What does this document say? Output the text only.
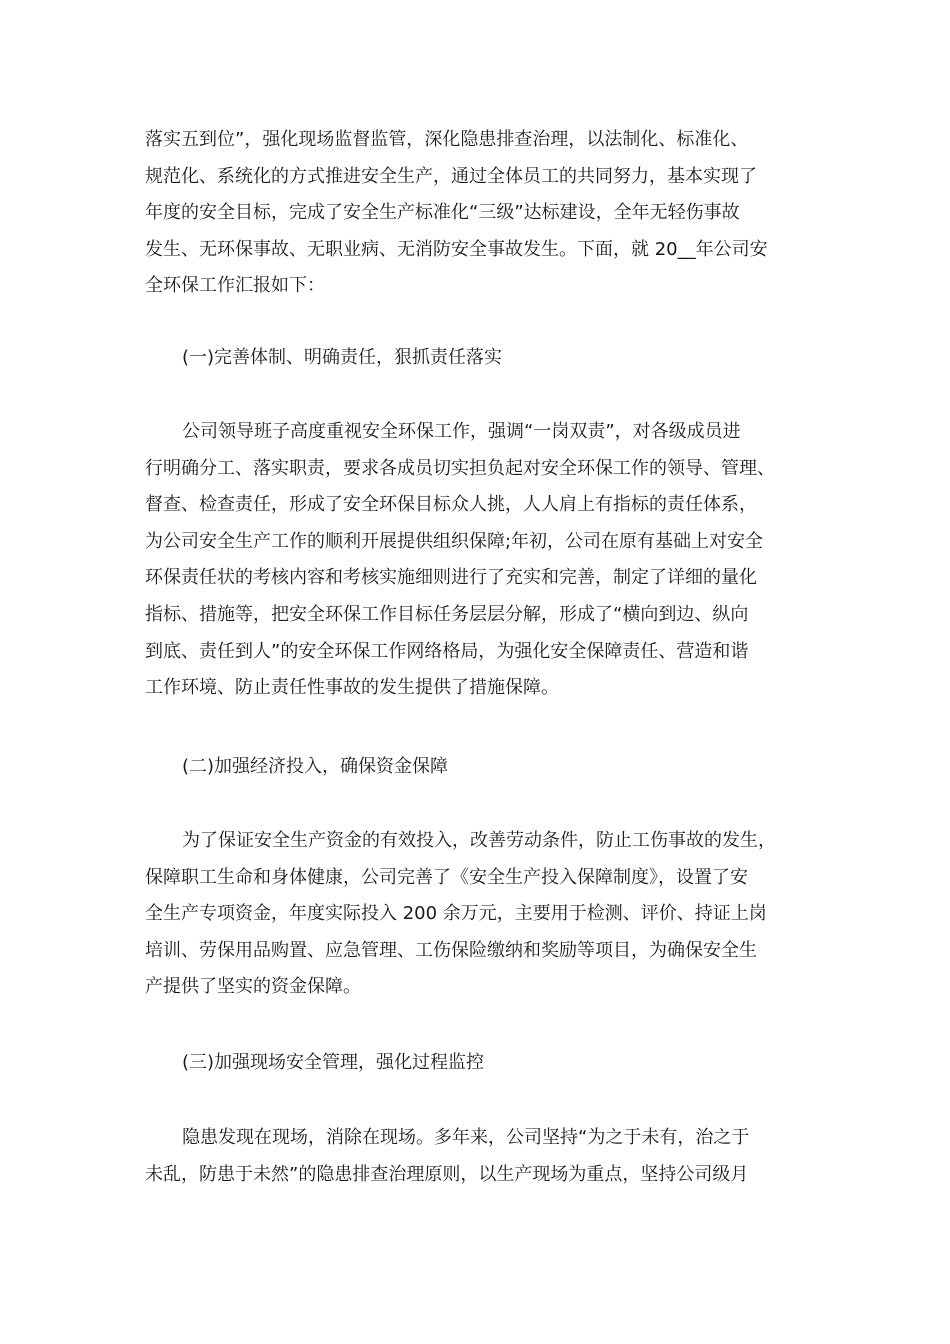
落实五到位”，强化现场监督监管，深化隐患排查治理，以法制化、标准化、
规范化、系统化的方式推进安全生产，通过全体员工的共同努力，基本实现了
年度的安全目标，完成了安全生产标准化“三级”达标建设，全年无轻伤事故
发生、无环保事故、无职业病、无消防安全事故发生。下面，就 20__年公司安
全环保工作汇报如下：
(一)完善体制、明确责任，狠抓责任落实
公司领导班子高度重视安全环保工作，强调“一岗双责”，对各级成员进
行明确分工、落实职责，要求各成员切实担负起对安全环保工作的领导、管理、
督查、检查责任，形成了安全环保目标众人挑，人人肩上有指标的责任体系，
为公司安全生产工作的顺利开展提供组织保障;年初，公司在原有基础上对安全
环保责任状的考核内容和考核实施细则进行了充实和完善，制定了详细的量化
指标、措施等，把安全环保工作目标任务层层分解，形成了“横向到边、纵向
到底、责任到人”的安全环保工作网络格局，为强化安全保障责任、营造和谐
工作环境、防止责任性事故的发生提供了措施保障。
(二)加强经济投入，确保资金保障
为了保证安全生产资金的有效投入，改善劳动条件，防止工伤事故的发生，
保障职工生命和身体健康，公司完善了《安全生产投入保障制度》，设置了安
全生产专项资金，年度实际投入 200 余万元，主要用于检测、评价、持证上岗
培训、劳保用品购置、应急管理、工伤保险缴纳和奖励等项目，为确保安全生
产提供了坚实的资金保障。
(三)加强现场安全管理，强化过程监控
隐患发现在现场，消除在现场。多年来，公司坚持“为之于未有，治之于
未乱，防患于未然”的隐患排查治理原则，以生产现场为重点，坚持公司级月
